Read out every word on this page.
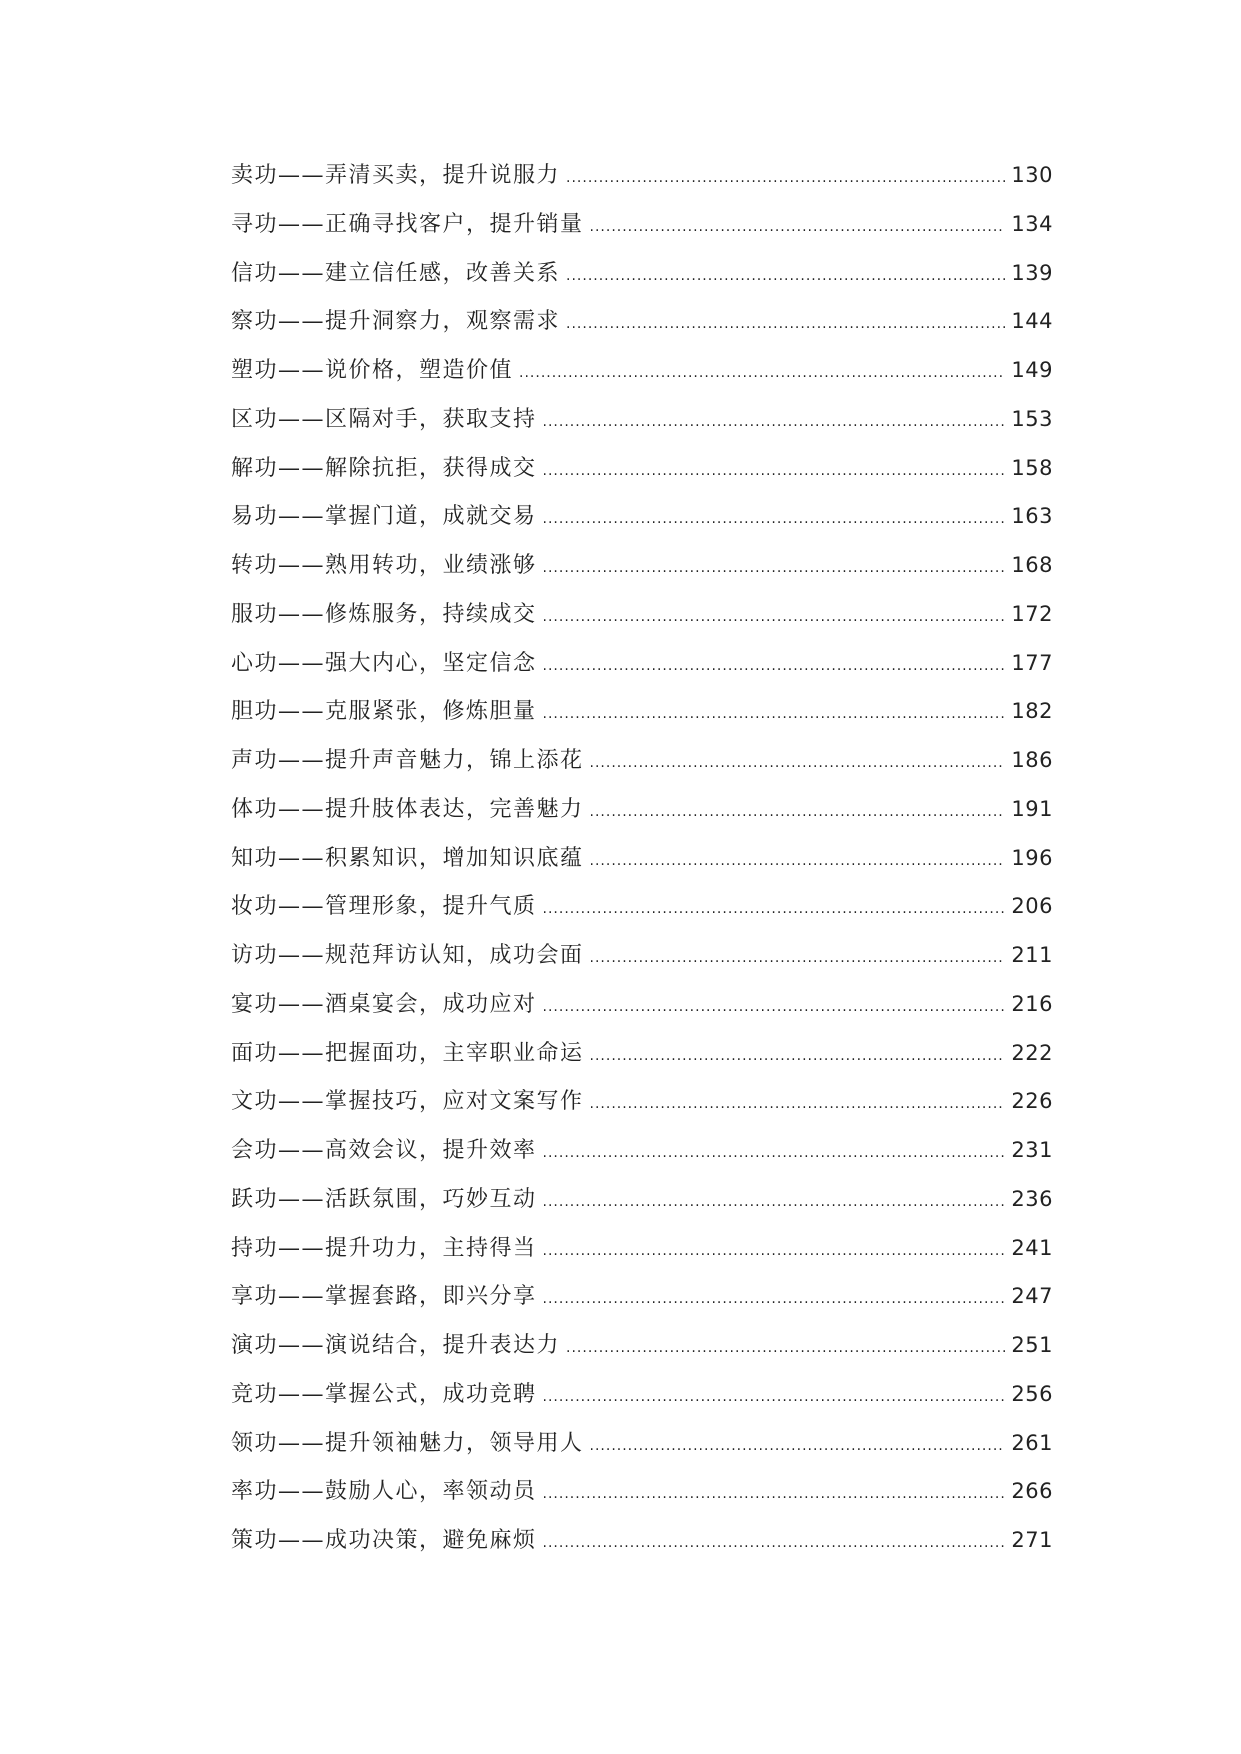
卖功——弄清买卖，提升说服力 .....	130
寻功——正确寻找客户，提升销量 .....	134
信功——建立信任感，改善关系 .....	139
察功——提升洞察力，观察需求 .....	144
塑功——说价格，塑造价值 .....	149
区功——区隔对手，获取支持 .....	153
解功——解除抗拒，获得成交 .....	158
易功——掌握门道，成就交易 .....	163
转功——熟用转功，业绩涨够 .....	168
服功——修炼服务，持续成交 .....	172
心功——强大内心，坚定信念 .....	177
胆功——克服紧张，修炼胆量 .....	182
声功——提升声音魅力，锦上添花 .....	186
体功——提升肢体表达，完善魅力 .....	191
知功——积累知识，增加知识底蕴 .....	196
妆功——管理形象，提升气质 .....	206
访功——规范拜访认知，成功会面 .....	211
宴功——酒桌宴会，成功应对 .....	216
面功——把握面功，主宰职业命运 .....	222
文功——掌握技巧，应对文案写作 .....	226
会功——高效会议，提升效率 .....	231
跃功——活跃氛围，巧妙互动 .....	236
持功——提升功力，主持得当 .....	241
享功——掌握套路，即兴分享 .....	247
演功——演说结合，提升表达力 .....	251
竞功——掌握公式，成功竞聘 .....	256
领功——提升领袖魅力，领导用人 .....	261
率功——鼓励人心，率领动员 .....	266
策功——成功决策，避免麻烦 .....	271
